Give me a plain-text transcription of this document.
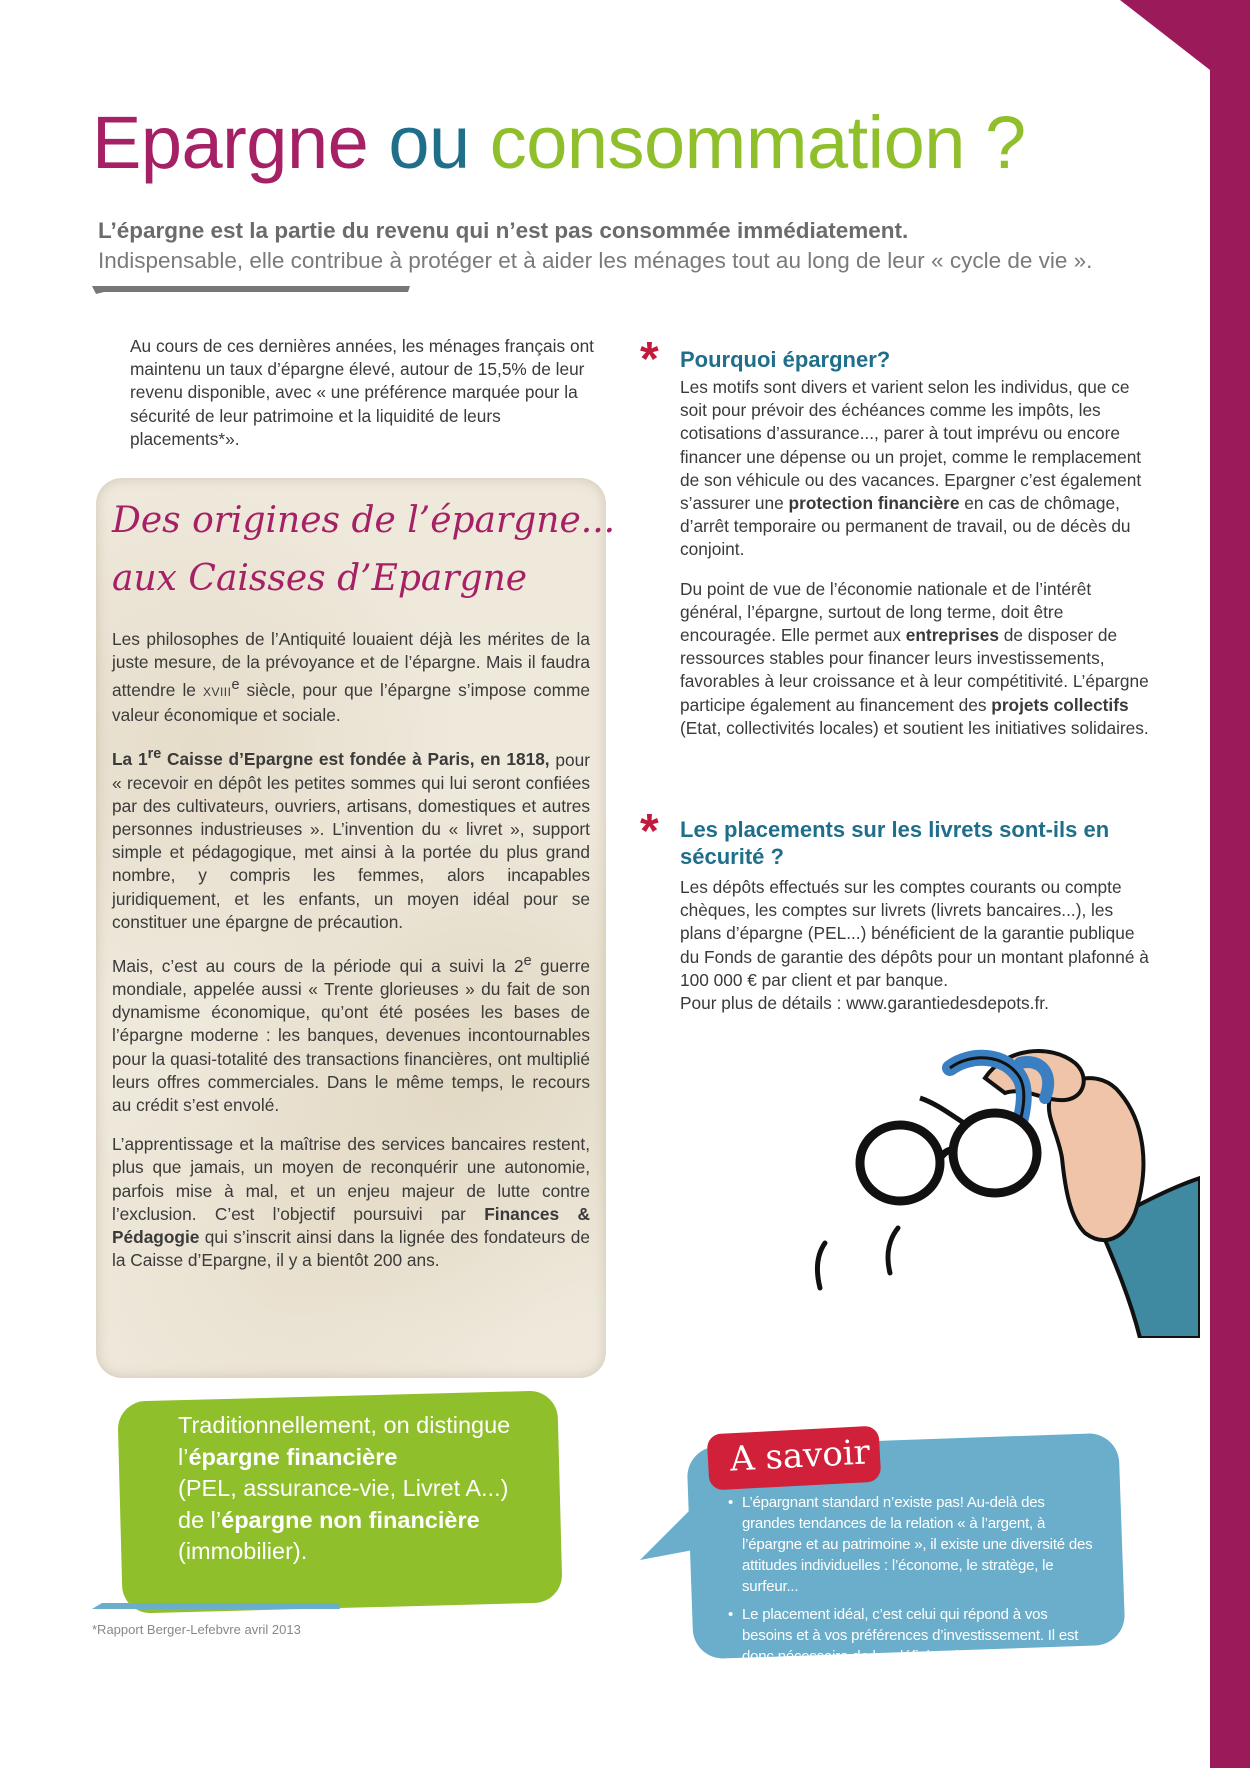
Epargne ou consommation ?
L’épargne est la partie du revenu qui n’est pas consommée immédiatement.
Indispensable, elle contribue à protéger et à aider les ménages tout au long de leur « cycle de vie ».

Au cours de ces dernières années, les ménages français ont maintenu un taux d’épargne élevé, autour de 15,5% de leur revenu disponible, avec « une préférence marquée pour la sécurité de leur patrimoine et la liquidité de leurs placements*».

Des origines de l’épargne...
aux Caisses d’Epargne

Les philosophes de l’Antiquité louaient déjà les mérites de la juste mesure, de la prévoyance et de l’épargne. Mais il faudra attendre le XVIIIe siècle, pour que l’épargne s’impose comme valeur économique et sociale.

La 1re Caisse d’Epargne est fondée à Paris, en 1818, pour « recevoir en dépôt les petites sommes qui lui seront confiées par des cultivateurs, ouvriers, artisans, domestiques et autres personnes industrieuses ». L’invention du « livret », support simple et pédagogique, met ainsi à la portée du plus grand nombre, y compris les femmes, alors incapables juridiquement, et les enfants, un moyen idéal pour se constituer une épargne de précaution.

Mais, c’est au cours de la période qui a suivi la 2e guerre mondiale, appelée aussi « Trente glorieuses » du fait de son dynamisme économique, qu’ont été posées les bases de l’épargne moderne : les banques, devenues incontournables pour la quasi-totalité des transactions financières, ont multiplié leurs offres commerciales. Dans le même temps, le recours au crédit s’est envolé.

L’apprentissage et la maîtrise des services bancaires restent, plus que jamais, un moyen de reconquérir une autonomie, parfois mise à mal, et un enjeu majeur de lutte contre l’exclusion. C’est l’objectif poursuivi par Finances & Pédagogie qui s’inscrit ainsi dans la lignée des fondateurs de la Caisse d’Epargne, il y a bientôt 200 ans.

Traditionnellement, on distingue
l’épargne financière
(PEL, assurance-vie, Livret A...)
de l’épargne non financière
(immobilier).
*Rapport Berger-Lefebvre avril 2013
* Pourquoi épargner?

Les motifs sont divers et varient selon les individus, que ce soit pour prévoir des échéances comme les impôts, les cotisations d’assurance..., parer à tout imprévu ou encore financer une dépense ou un projet, comme le remplacement de son véhicule ou des vacances. Epargner c’est également s’assurer une protection financière en cas de chômage, d’arrêt temporaire ou permanent de travail, ou de décès du conjoint.

Du point de vue de l’économie nationale et de l’intérêt général, l’épargne, surtout de long terme, doit être encouragée. Elle permet aux entreprises de disposer de ressources stables pour financer leurs investissements, favorables à leur croissance et à leur compétitivité. L’épargne participe également au financement des projets collectifs (Etat, collectivités locales) et soutient les initiatives solidaires.

* Les placements sur les livrets sont-ils en sécurité ?

Les dépôts effectués sur les comptes courants ou compte chèques, les comptes sur livrets (livrets bancaires...), les plans d’épargne (PEL...) bénéficient de la garantie publique du Fonds de garantie des dépôts pour un montant plafonné à 100 000 € par client et par banque.

Pour plus de détails : www.garantiedesdepots.fr.

A savoir
• L’épargnant standard n’existe pas! Au-delà des grandes tendances de la relation « à l’argent, à l’épargne et au patrimoine », il existe une diversité des attitudes individuelles : l’économe, le stratège, le surfeur...
• Le placement idéal, c’est celui qui répond à vos besoins et à vos préférences d’investissement. Il est donc nécessaire de les définir précisément...
